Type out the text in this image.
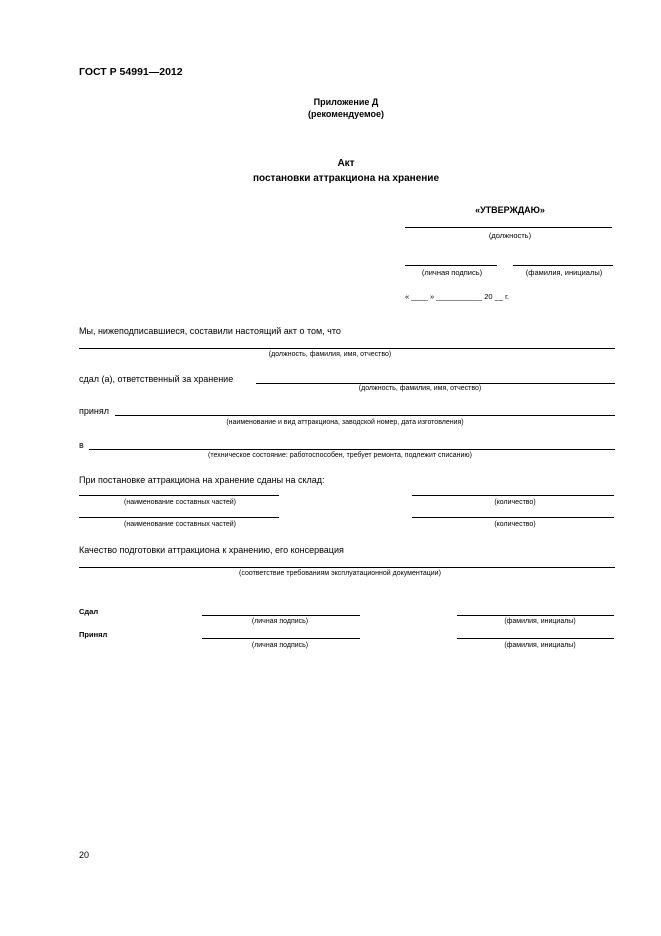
ГОСТ Р 54991—2012
Приложение Д
(рекомендуемое)
Акт
постановки аттракциона на хранение
«УТВЕРЖДАЮ»
(должность)
(личная подпись)	(фамилия, инициалы)
« ____ » ___________ 20 __ г.
Мы, нижеподписавшиеся, составили настоящий акт о том, что
(должность, фамилия, имя, отчество)
сдал (а), ответственный за хранение
(должность, фамилия, имя, отчество)
принял
(наименование и вид аттракциона, заводской номер, дата изготовления)
в
(техническое состояние: работоспособен, требует ремонта, подлежит списанию)
При постановке аттракциона на хранение сданы на склад:
(наименование составных частей)	(количество)
(наименование составных частей)	(количество)
Качество подготовки аттракциона к хранению, его консервация
(соответствие требованиям эксплуатационной документации)
Сдал
(личная подпись)	(фамилия, инициалы)
Принял
(личная подпись)	(фамилия, инициалы)
20
